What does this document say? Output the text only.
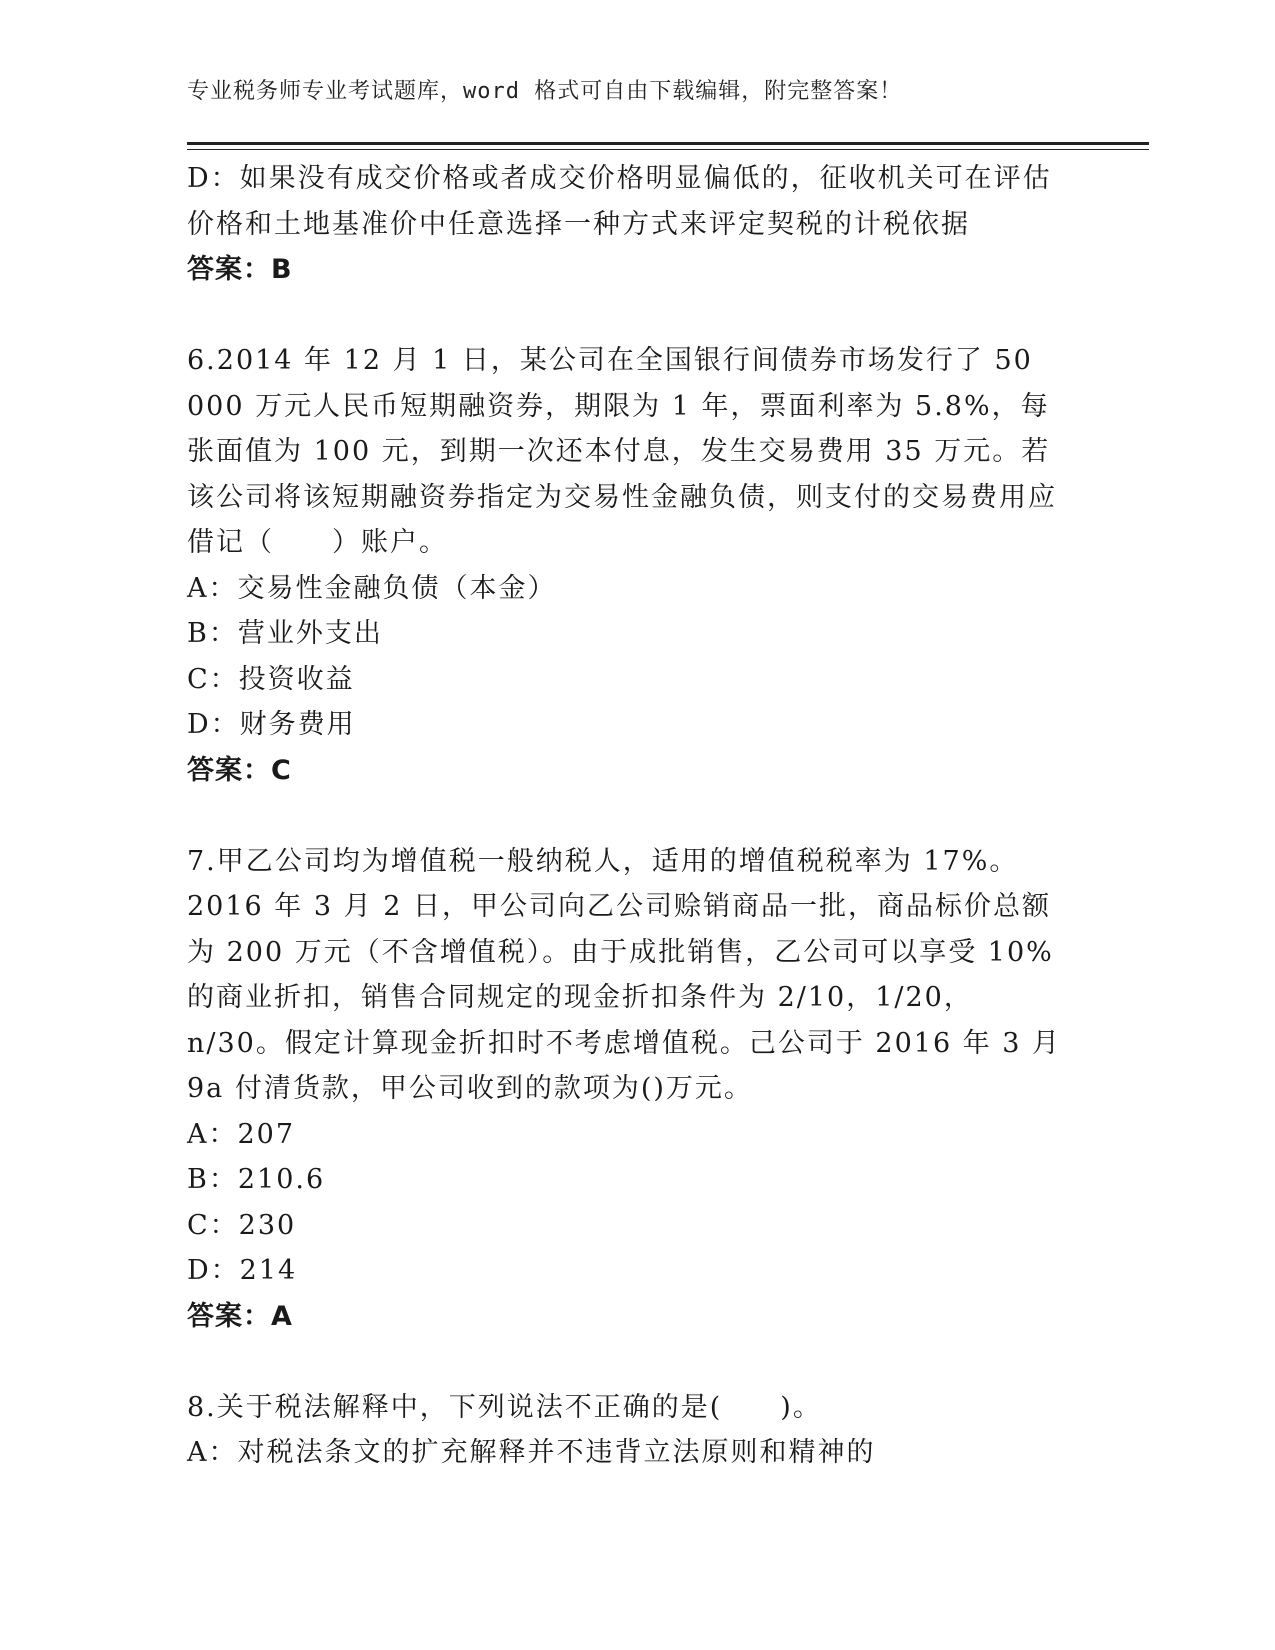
专业税务师专业考试题库，word 格式可自由下载编辑，附完整答案！

D：如果没有成交价格或者成交价格明显偏低的，征收机关可在评估价格和土地基准价中任意选择一种方式来评定契税的计税依据

答案：B

6.2014 年 12 月 1 日，某公司在全国银行间债券市场发行了 50 000 万元人民币短期融资券，期限为 1 年，票面利率为 5.8%，每张面值为 100 元，到期一次还本付息，发生交易费用 35 万元。若该公司将该短期融资券指定为交易性金融负债，则支付的交易费用应借记（　　）账户。

A：交易性金融负债（本金）

B：营业外支出

C：投资收益

D：财务费用

答案：C

7.甲乙公司均为增值税一般纳税人，适用的增值税税率为 17%。2016 年 3 月 2 日，甲公司向乙公司赊销商品一批，商品标价总额为 200 万元（不含增值税）。由于成批销售，乙公司可以享受 10%的商业折扣，销售合同规定的现金折扣条件为 2/10，1/20，n/30。假定计算现金折扣时不考虑增值税。己公司于 2016 年 3 月 9a 付清货款，甲公司收到的款项为()万元。

A：207

B：210.6

C：230

D：214

答案：A

8.关于税法解释中，下列说法不正确的是(　　)。

A：对税法条文的扩充解释并不违背立法原则和精神的
